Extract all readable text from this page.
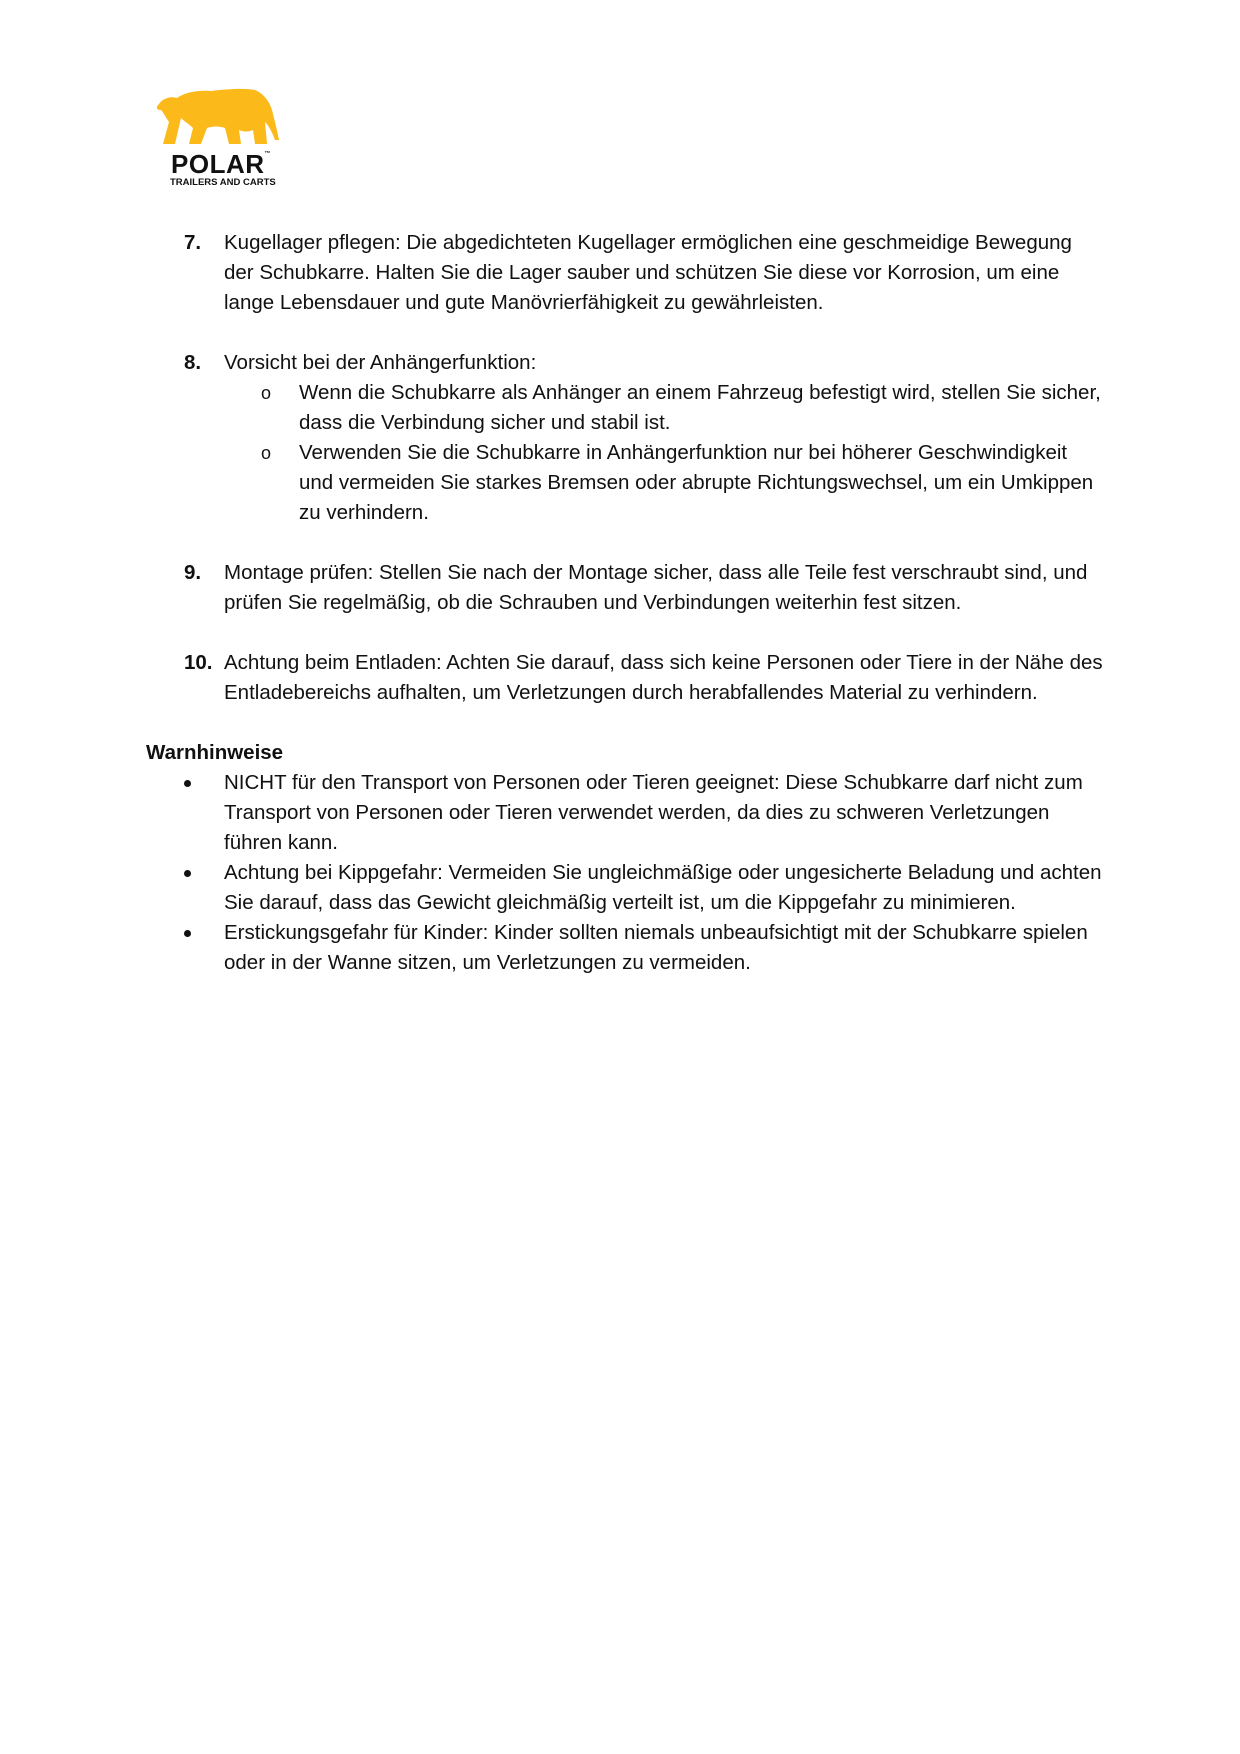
POLAR™
TRAILERS AND CARTS
7. Kugellager pflegen: Die abgedichteten Kugellager ermöglichen eine geschmeidige Bewegung der Schubkarre. Halten Sie die Lager sauber und schützen Sie diese vor Korrosion, um eine lange Lebensdauer und gute Manövrierfähigkeit zu gewährleisten.
8. Vorsicht bei der Anhängerfunktion:
o Wenn die Schubkarre als Anhänger an einem Fahrzeug befestigt wird, stellen Sie sicher, dass die Verbindung sicher und stabil ist.
o Verwenden Sie die Schubkarre in Anhängerfunktion nur bei höherer Geschwindigkeit und vermeiden Sie starkes Bremsen oder abrupte Richtungswechsel, um ein Umkippen zu verhindern.
9. Montage prüfen: Stellen Sie nach der Montage sicher, dass alle Teile fest verschraubt sind, und prüfen Sie regelmäßig, ob die Schrauben und Verbindungen weiterhin fest sitzen.
10. Achtung beim Entladen: Achten Sie darauf, dass sich keine Personen oder Tiere in der Nähe des Entladebereichs aufhalten, um Verletzungen durch herabfallendes Material zu verhindern.
Warnhinweise
NICHT für den Transport von Personen oder Tieren geeignet: Diese Schubkarre darf nicht zum Transport von Personen oder Tieren verwendet werden, da dies zu schweren Verletzungen führen kann.
Achtung bei Kippgefahr: Vermeiden Sie ungleichmäßige oder ungesicherte Beladung und achten Sie darauf, dass das Gewicht gleichmäßig verteilt ist, um die Kippgefahr zu minimieren.
Erstickungsgefahr für Kinder: Kinder sollten niemals unbeaufsichtigt mit der Schubkarre spielen oder in der Wanne sitzen, um Verletzungen zu vermeiden.
